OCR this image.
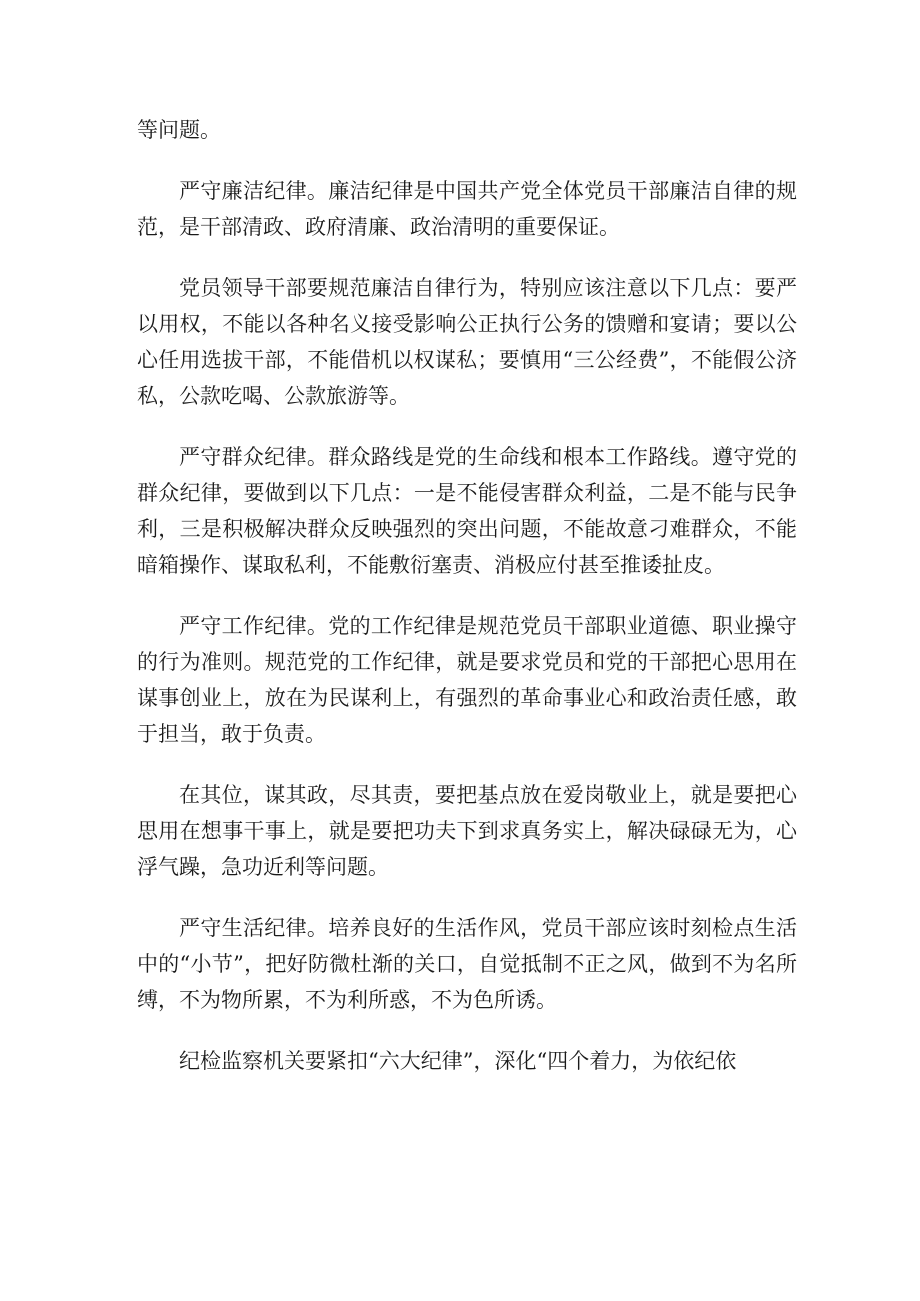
等问题。

严守廉洁纪律。廉洁纪律是中国共产党全体党员干部廉洁自律的规范，是干部清政、政府清廉、政治清明的重要保证。

党员领导干部要规范廉洁自律行为，特别应该注意以下几点：要严以用权，不能以各种名义接受影响公正执行公务的馈赠和宴请；要以公心任用选拔干部，不能借机以权谋私；要慎用“三公经费”，不能假公济私，公款吃喝、公款旅游等。

严守群众纪律。群众路线是党的生命线和根本工作路线。遵守党的群众纪律，要做到以下几点：一是不能侵害群众利益，二是不能与民争利，三是积极解决群众反映强烈的突出问题，不能故意刁难群众，不能暗箱操作、谋取私利，不能敷衍塞责、消极应付甚至推诿扯皮。

严守工作纪律。党的工作纪律是规范党员干部职业道德、职业操守的行为准则。规范党的工作纪律，就是要求党员和党的干部把心思用在谋事创业上，放在为民谋利上，有强烈的革命事业心和政治责任感，敢于担当，敢于负责。

在其位，谋其政，尽其责，要把基点放在爱岗敬业上，就是要把心思用在想事干事上，就是要把功夫下到求真务实上，解决碌碌无为，心浮气躁，急功近利等问题。

严守生活纪律。培养良好的生活作风，党员干部应该时刻检点生活中的“小节”，把好防微杜渐的关口，自觉抵制不正之风，做到不为名所缚，不为物所累，不为利所惑，不为色所诱。

纪检监察机关要紧扣“六大纪律”，深化“四个着力，为依纪依
